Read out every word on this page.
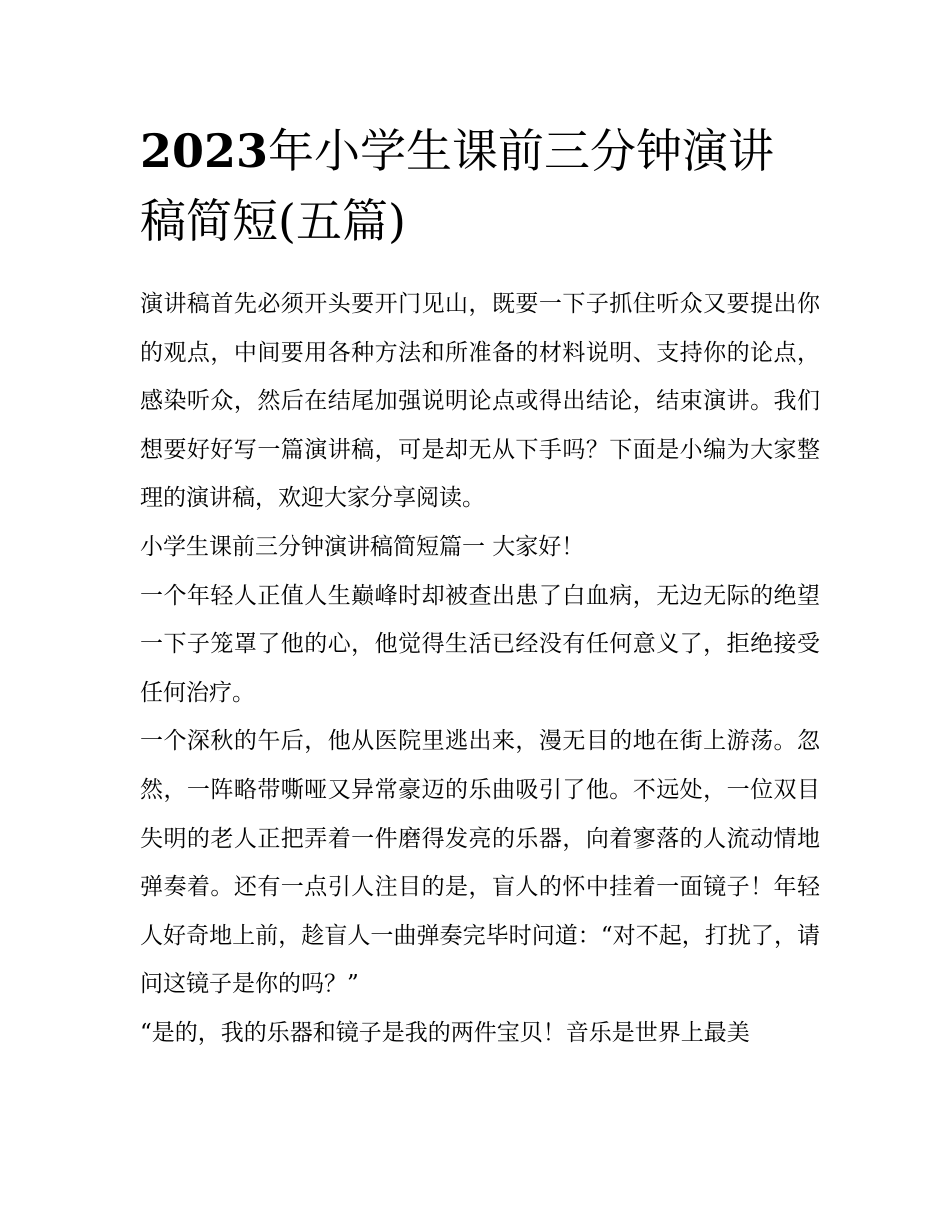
2023年小学生课前三分钟演讲稿简短(五篇)

演讲稿首先必须开头要开门见山，既要一下子抓住听众又要提出你的观点，中间要用各种方法和所准备的材料说明、支持你的论点，感染听众，然后在结尾加强说明论点或得出结论，结束演讲。我们想要好好写一篇演讲稿，可是却无从下手吗？下面是小编为大家整理的演讲稿，欢迎大家分享阅读。

小学生课前三分钟演讲稿简短篇一 大家好！

一个年轻人正值人生巅峰时却被查出患了白血病，无边无际的绝望一下子笼罩了他的心，他觉得生活已经没有任何意义了，拒绝接受任何治疗。

一个深秋的午后，他从医院里逃出来，漫无目的地在街上游荡。忽然，一阵略带嘶哑又异常豪迈的乐曲吸引了他。不远处，一位双目失明的老人正把弄着一件磨得发亮的乐器，向着寥落的人流动情地弹奏着。还有一点引人注目的是，盲人的怀中挂着一面镜子！年轻人好奇地上前，趁盲人一曲弹奏完毕时问道：“对不起，打扰了，请问这镜子是你的吗？”

“是的，我的乐器和镜子是我的两件宝贝！音乐是世界上最美
